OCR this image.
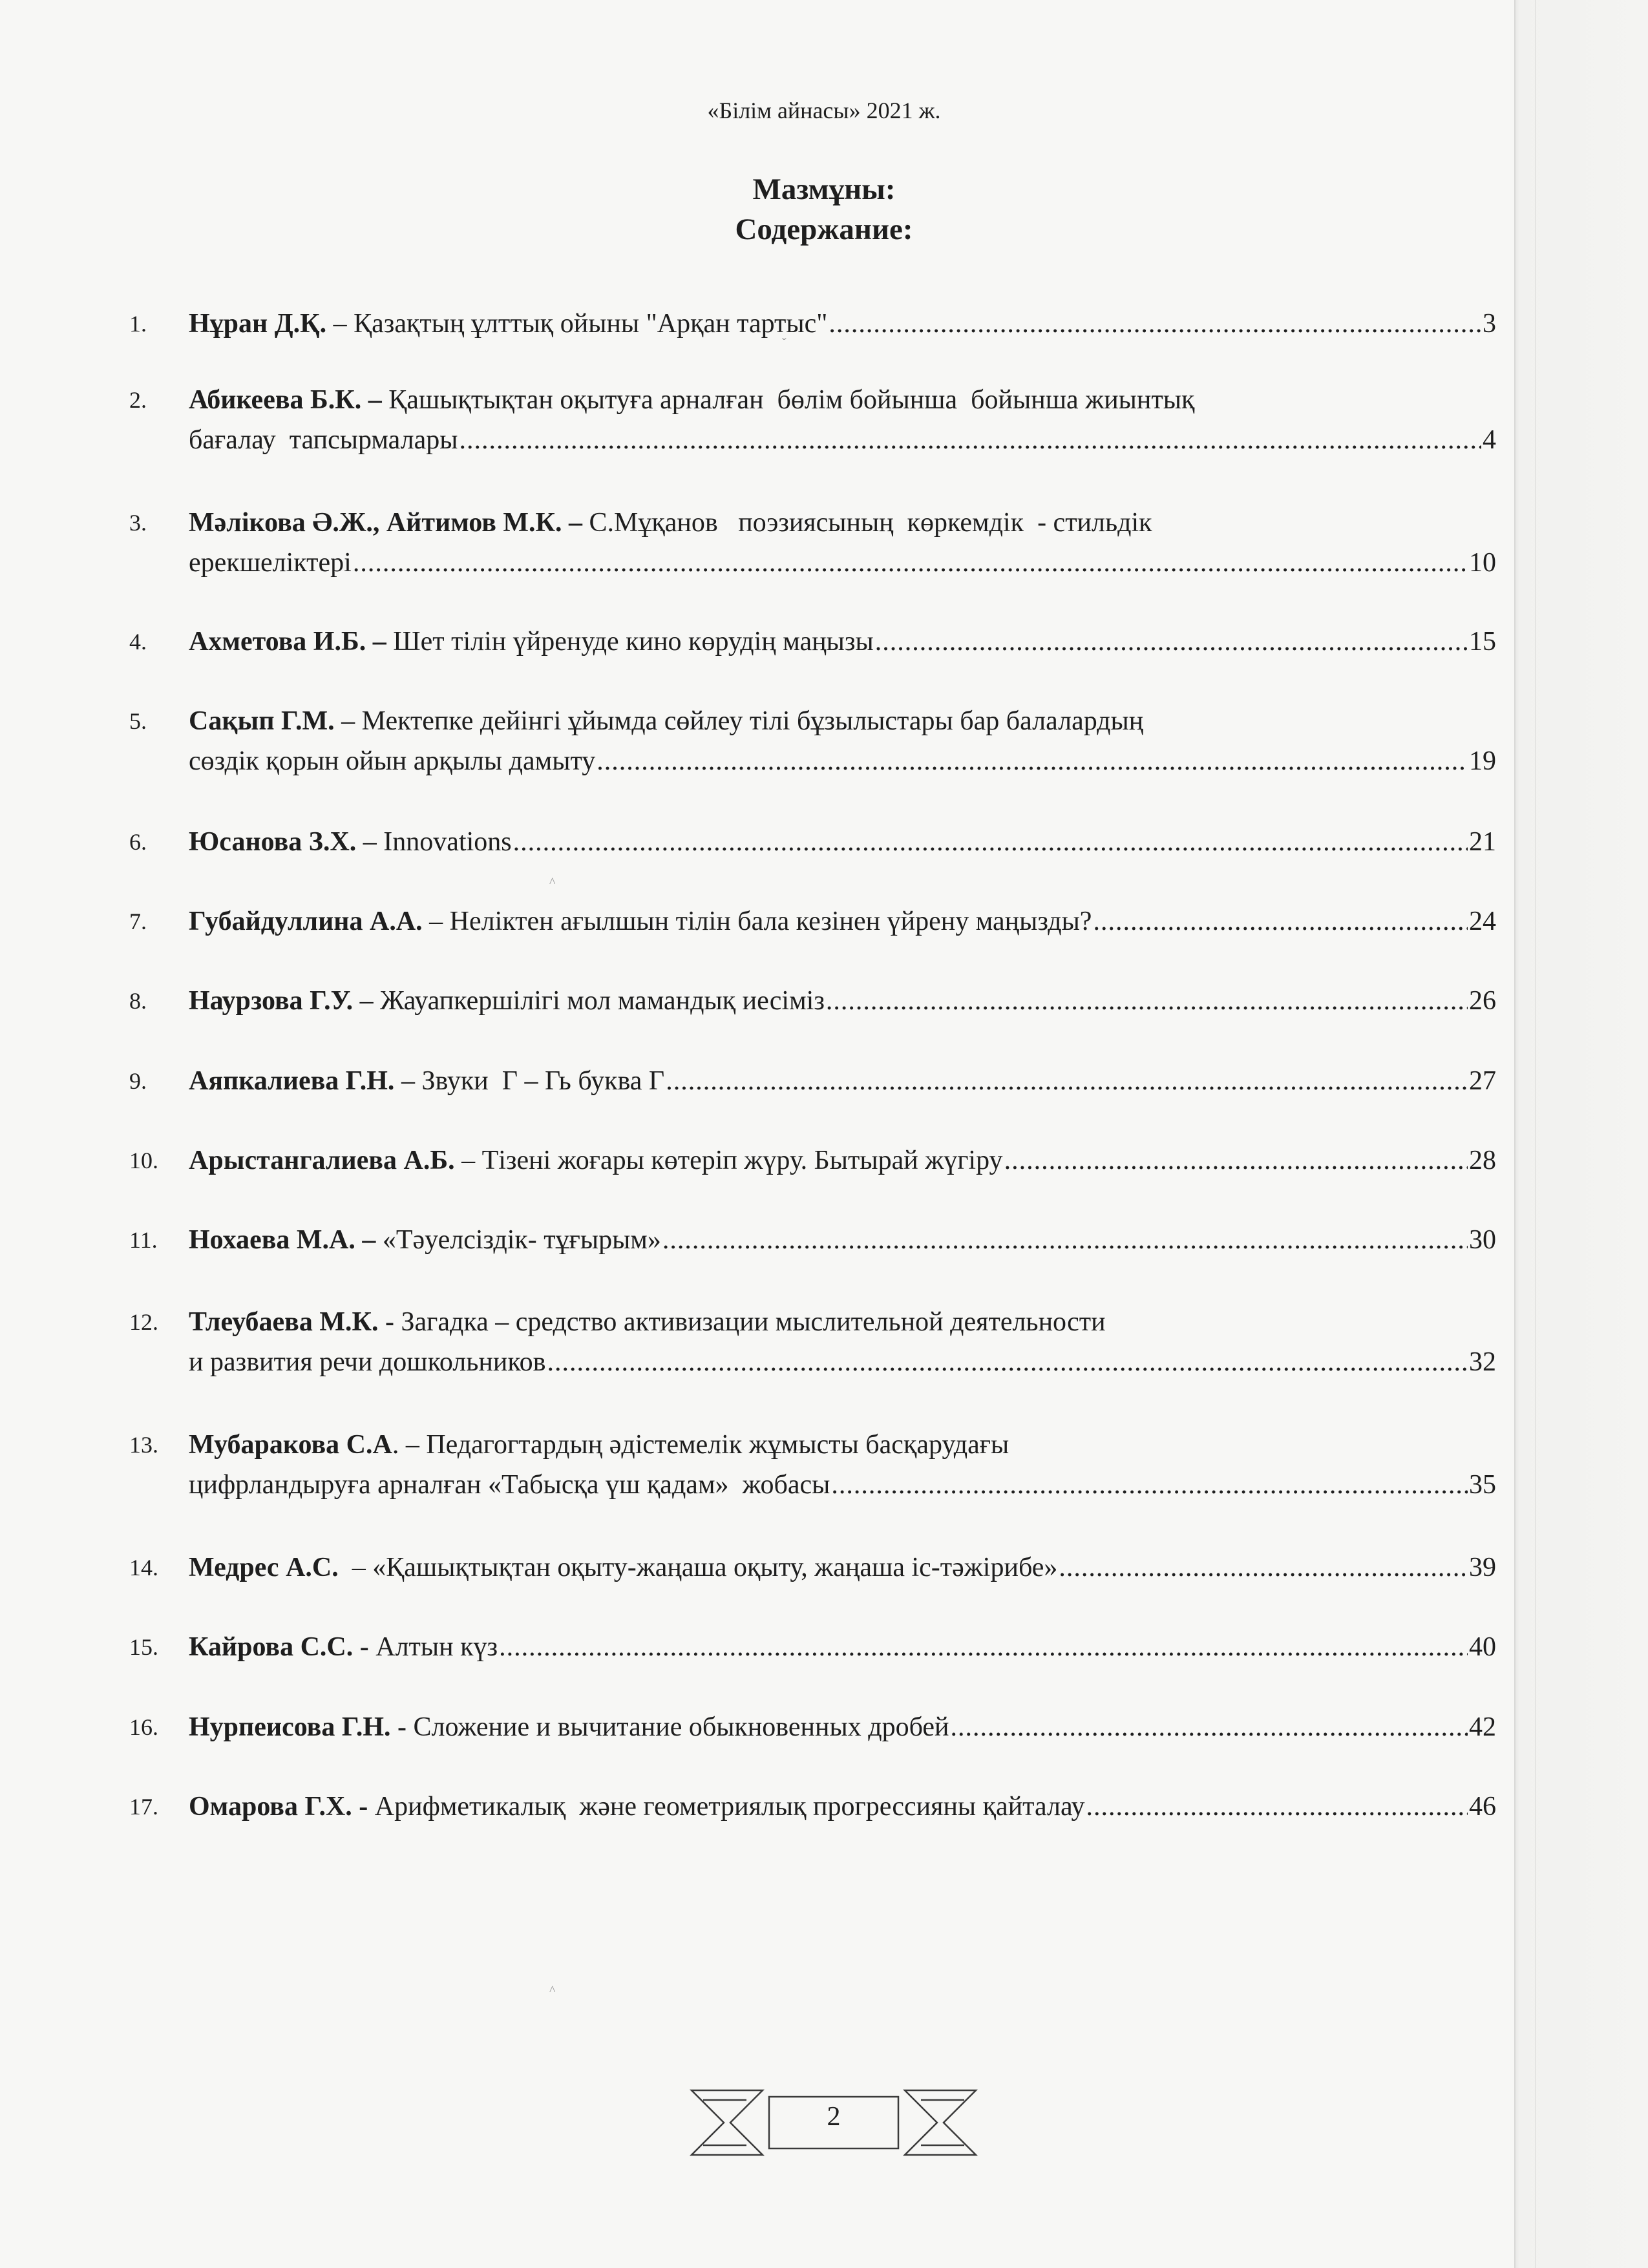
«Білім айнасы» 2021 ж.
Мазмұны:
Содержание:
1.	Нұран Д.Қ. – Қазақтың ұлттық ойыны "Арқан тартыс" .....	3
2.	Абикеева Б.К. – Қашықтықтан оқытуға арналған  бөлім бойынша  бойынша жиынтық
бағалау  тапсырмалары .....	4
3.	Мәлікова Ә.Ж., Айтимов М.К. – С.Мұқанов   поэзиясының  көркемдік  - стильдік
ерекшеліктері .....	10
4.	Ахметова И.Б. –
Шет тілін үйренуде кино көрудің маңызы .....	15
5.	Сақып Г.М. – Мектепке дейінгі ұйымда сөйлеу тілі бұзылыстары бар балалардың
сөздік қорын ойын арқылы дамыту .....	19
6.	Юсанова З.Х. – Innovations .....	21
7.	Губайдуллина А.А. – Неліктен ағылшын тілін бала кезінен үйрену маңызды? .....	24
8.	Наурзова Г.У. – Жауапкершілігі мол мамандық иесіміз .....	26
9.	Аяпкалиева Г.Н. – Звуки  Г – Гь буква Г .....	27
10.	Арыстангалиева А.Б. – Тізені жоғары көтеріп жүру. Бытырай жүгіру .....	28
11.	Нохаева М.А. –
«Тәуелсіздік- тұғырым» .....	30
12.	Тлеубаева М.К. - Загадка – средство активизации мыслительной деятельности
и развития речи дошкольников .....	32
13.	Мубаракова С.А. – Педагогтардың әдістемелік жұмысты басқарудағы
цифрландыруға арналған «Табысқа үш қадам»  жобасы .....	35
14.	Медрес А.С. – «Қашықтықтан оқыту-жаңаша оқыту, жаңаша іс-тәжірибе» .....	39
15.	Кайрова С.С. -
Алтын күз .....	40
16.	Нурпеисова Г.Н. -
Сложение и вычитание обыкновенных дробей .....	42
17.	Омарова Г.Х. -
Арифметикалық  және геометриялық прогрессияны қайталау .....	46
ˇ
^
^
2
